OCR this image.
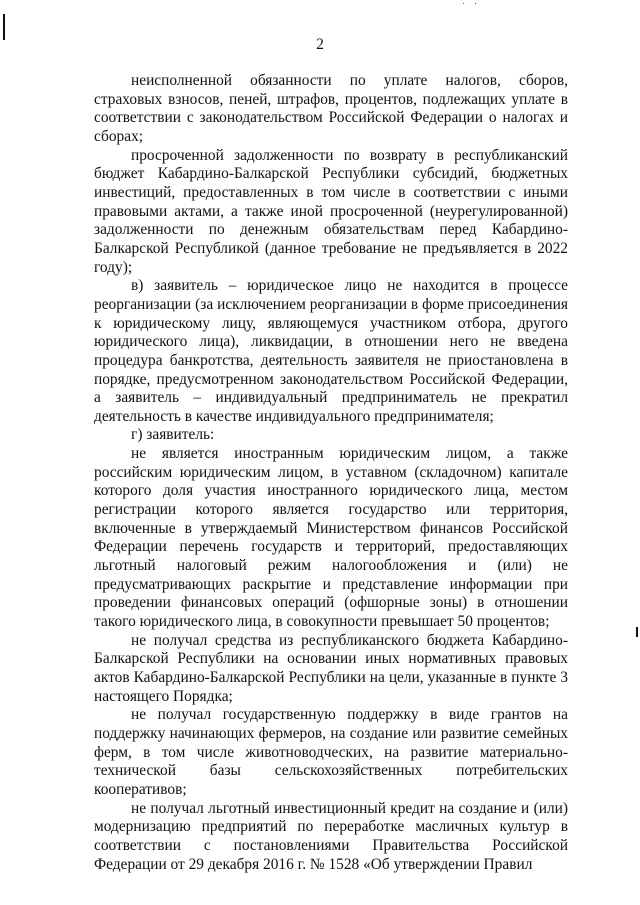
· ·
2

неисполненной обязанности по уплате налогов, сборов, страховых взносов, пеней, штрафов, процентов, подлежащих уплате в соответствии с законодательством Российской Федерации о налогах и сборах;

просроченной задолженности по возврату в республиканский бюджет Кабардино-Балкарской Республики субсидий, бюджетных инвестиций, предоставленных в том числе в соответствии с иными правовыми актами, а также иной просроченной (неурегулированной) задолженности по денежным обязательствам перед Кабардино-Балкарской Республикой (данное требование не предъявляется в 2022 году);

в) заявитель – юридическое лицо не находится в процессе реорганизации (за исключением реорганизации в форме присоединения к юридическому лицу, являющемуся участником отбора, другого юридического лица), ликвидации, в отношении него не введена процедура банкротства, деятельность заявителя не приостановлена в порядке, предусмотренном законодательством Российской Федерации, а заявитель – индивидуальный предприниматель не прекратил деятельность в качестве индивидуального предпринимателя;

г) заявитель:

не является иностранным юридическим лицом, а также российским юридическим лицом, в уставном (складочном) капитале которого доля участия иностранного юридического лица, местом регистрации которого является государство или территория, включенные в утверждаемый Министерством финансов Российской Федерации перечень государств и территорий, предоставляющих льготный налоговый режим налогообложения и (или) не предусматривающих раскрытие и представление информации при проведении финансовых операций (офшорные зоны) в отношении такого юридического лица, в совокупности превышает 50 процентов;

не получал средства из республиканского бюджета Кабардино-Балкарской Республики на основании иных нормативных правовых актов Кабардино-Балкарской Республики на цели, указанные в пункте 3 настоящего Порядка;

не получал государственную поддержку в виде грантов на поддержку начинающих фермеров, на создание или развитие семейных ферм, в том числе животноводческих, на развитие материально-технической базы сельскохозяйственных потребительских кооперативов;

не получал льготный инвестиционный кредит на создание и (или) модернизацию предприятий по переработке масличных культур в соответствии с постановлениями Правительства Российской Федерации от 29 декабря 2016 г. № 1528 «Об утверждении Правил
